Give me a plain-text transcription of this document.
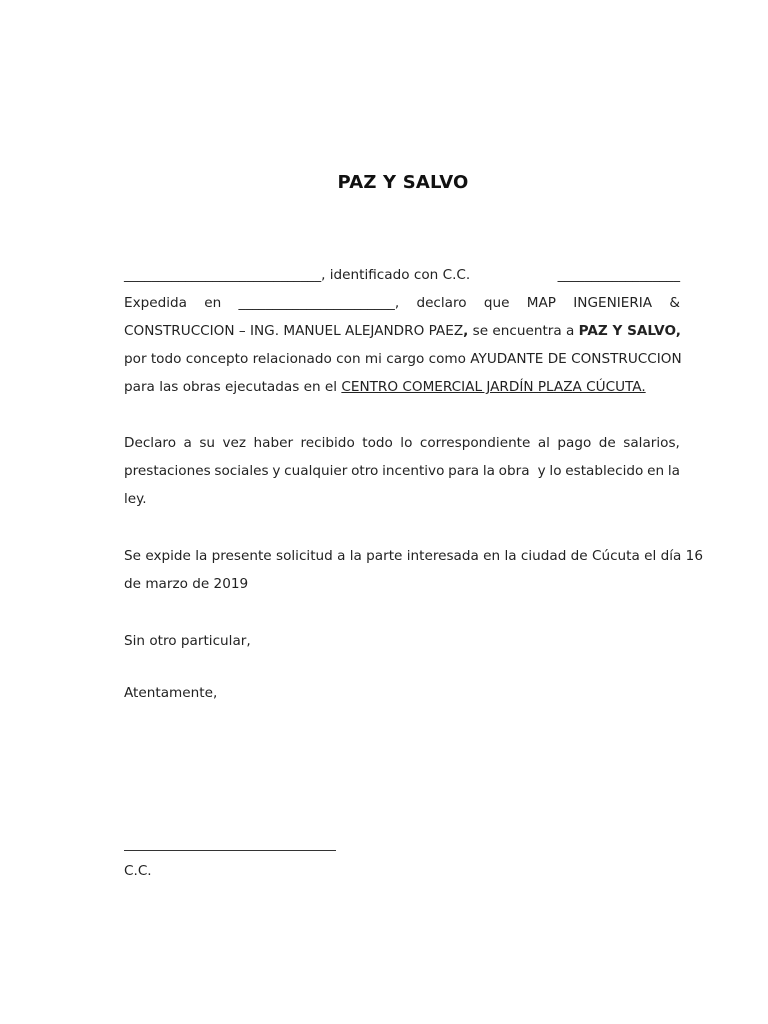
PAZ Y SALVO
_____________________________ , identificado con C.C.	__________________
Expedida en _______________________, declaro que MAP INGENIERIA &
CONSTRUCCION – ING. MANUEL ALEJANDRO PAEZ, se encuentra a PAZ Y SALVO,
por todo concepto relacionado con mi cargo como AYUDANTE DE CONSTRUCCION
para las obras ejecutadas en el CENTRO COMERCIAL JARDÍN PLAZA CÚCUTA.
Declaro a su vez haber recibido todo lo correspondiente al pago de salarios,
prestaciones sociales y cualquier otro incentivo para la obra y lo establecido en la
ley.
Se expide la presente solicitud a la parte interesada en la ciudad de Cúcuta el día 16
de marzo de 2019
Sin otro particular,
Atentamente,
C.C.
